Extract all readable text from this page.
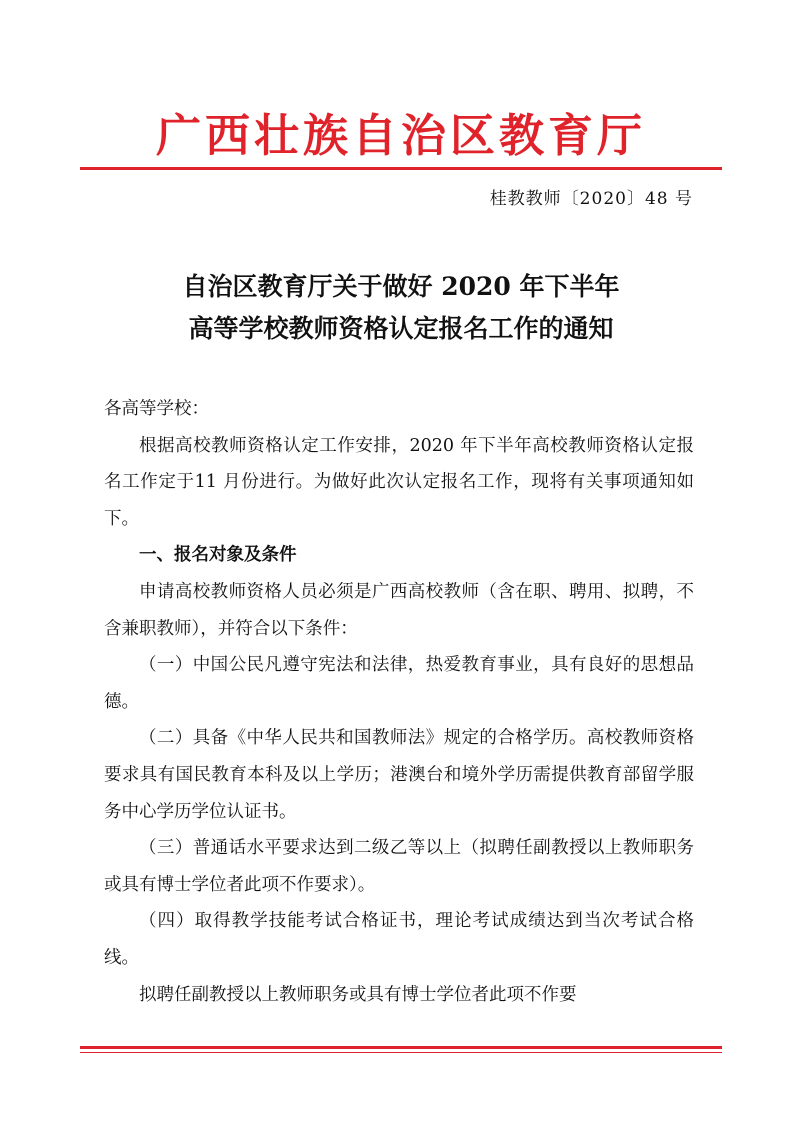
广西壮族自治区教育厅
桂教教师〔2020〕48 号
自治区教育厅关于做好 2020 年下半年
高等学校教师资格认定报名工作的通知

各高等学校：

根据高校教师资格认定工作安排，2020 年下半年高校教师资格认定报名工作定于11 月份进行。为做好此次认定报名工作，现将有关事项通知如下。

一、报名对象及条件

申请高校教师资格人员必须是广西高校教师（含在职、聘用、拟聘，不含兼职教师），并符合以下条件：

（一）中国公民凡遵守宪法和法律，热爱教育事业，具有良好的思想品德。

（二）具备《中华人民共和国教师法》规定的合格学历。高校教师资格要求具有国民教育本科及以上学历；港澳台和境外学历需提供教育部留学服务中心学历学位认证书。

（三）普通话水平要求达到二级乙等以上（拟聘任副教授以上教师职务或具有博士学位者此项不作要求）。

（四）取得教学技能考试合格证书，理论考试成绩达到当次考试合格线。

拟聘任副教授以上教师职务或具有博士学位者此项不作要
